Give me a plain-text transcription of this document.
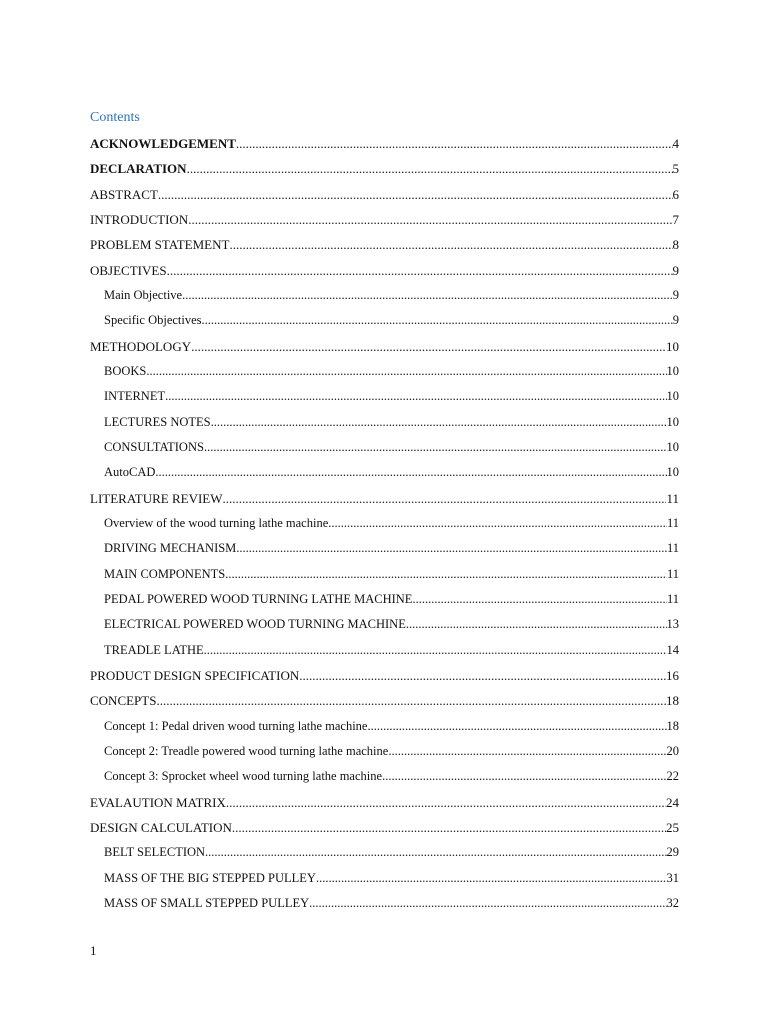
Contents
ACKNOWLEDGEMENT .....	4
DECLARATION .....	5
ABSTRACT .....	6
INTRODUCTION .....	7
PROBLEM STATEMENT .....	8
OBJECTIVES .....	9
Main Objective .....	9
Specific Objectives .....	9
METHODOLOGY .....	10
BOOKS .....	10
INTERNET .....	10
LECTURES NOTES .....	10
CONSULTATIONS .....	10
AutoCAD .....	10
LITERATURE REVIEW .....	11
Overview of the wood turning lathe machine .....	11
DRIVING MECHANISM .....	11
MAIN COMPONENTS .....	11
PEDAL POWERED WOOD TURNING LATHE MACHINE .....	11
ELECTRICAL POWERED WOOD TURNING MACHINE .....	13
TREADLE LATHE .....	14
PRODUCT DESIGN SPECIFICATION .....	16
CONCEPTS .....	18
Concept 1: Pedal driven wood turning lathe machine .....	18
Concept 2: Treadle powered wood turning lathe machine .....	20
Concept 3: Sprocket wheel wood turning lathe machine .....	22
EVALAUTION MATRIX .....	24
DESIGN CALCULATION .....	25
BELT SELECTION .....	29
MASS OF THE BIG STEPPED PULLEY .....	31
MASS OF SMALL STEPPED PULLEY .....	32
1
